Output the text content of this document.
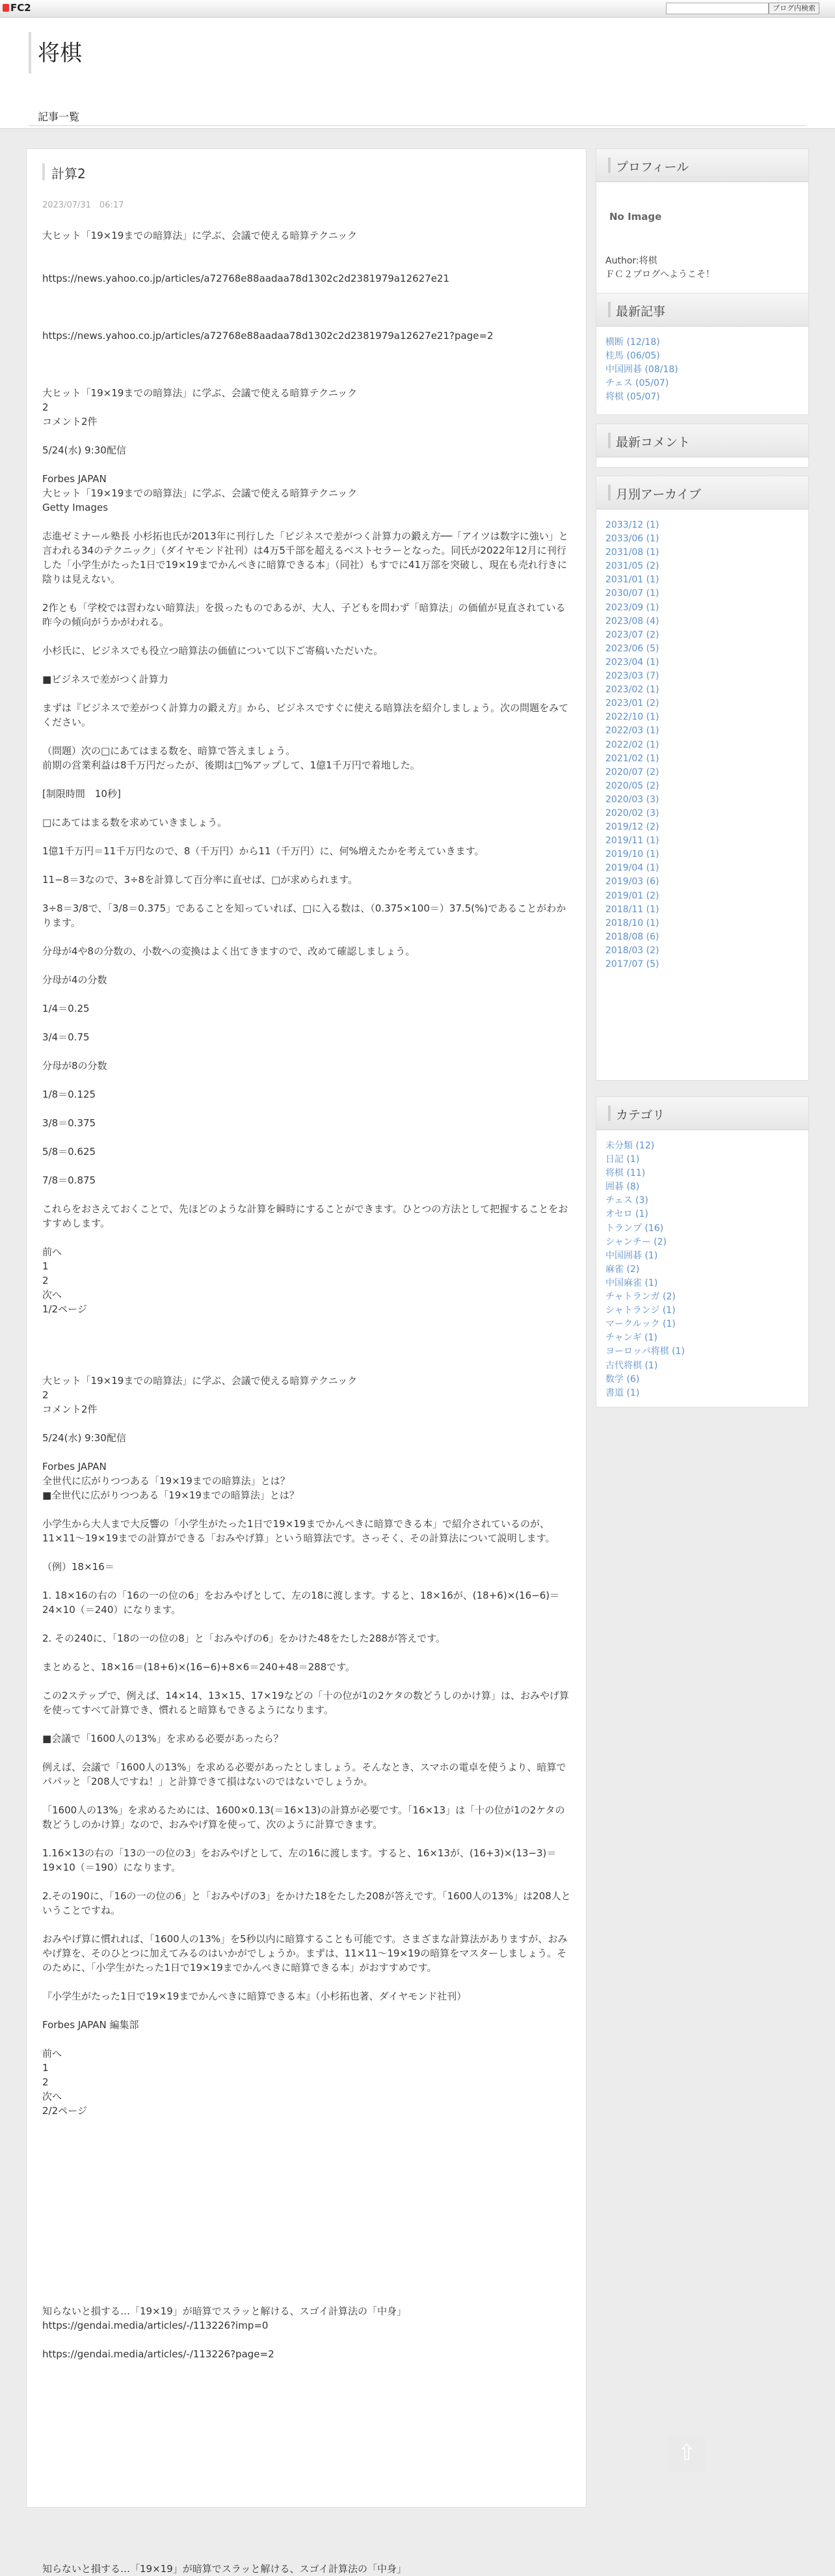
FC2	ブログ内検索
将棋
記事一覧
計算2
2023/07/31　06:17

大ヒット「19×19までの暗算法」に学ぶ、会議で使える暗算テクニック

https://news.yahoo.co.jp/articles/a72768e88aadaa78d1302c2d2381979a12627e21

https://news.yahoo.co.jp/articles/a72768e88aadaa78d1302c2d2381979a12627e21?page=2

大ヒット「19×19までの暗算法」に学ぶ、会議で使える暗算テクニック

2

コメント2件

5/24(水) 9:30配信

Forbes JAPAN

大ヒット「19×19までの暗算法」に学ぶ、会議で使える暗算テクニック

Getty Images

志進ゼミナール塾長 小杉拓也氏が2013年に刊行した「ビジネスで差がつく計算力の鍛え方──「アイツは数字に強い」と言われる34のテクニック」（ダイヤモンド社刊）は4万5千部を超えるベストセラーとなった。同氏が2022年12月に刊行した「小学生がたった1日で19×19までかんぺきに暗算できる本」（同社）もすでに41万部を突破し、現在も売れ行きに陰りは見えない。

2作とも「学校では習わない暗算法」を扱ったものであるが、大人、子どもを問わず「暗算法」の価値が見直されている昨今の傾向がうかがわれる。

小杉氏に、ビジネスでも役立つ暗算法の価値について以下ご寄稿いただいた。

■ビジネスで差がつく計算力

まずは『ビジネスで差がつく計算力の鍛え方』から、ビジネスですぐに使える暗算法を紹介しましょう。次の問題をみてください。

（問題）次の□にあてはまる数を、暗算で答えましょう。

前期の営業利益は8千万円だったが、後期は□%アップして、1億1千万円で着地した。

[制限時間　10秒]

□にあてはまる数を求めていきましょう。

1億1千万円＝11千万円なので、8（千万円）から11（千万円）に、何%増えたかを考えていきます。

11−8＝3なので、3÷8を計算して百分率に直せば、□が求められます。

3÷8＝3/8で、「3/8＝0.375」であることを知っていれば、□に入る数は、（0.375×100＝）37.5(%)であることがわかります。

分母が4や8の分数の、小数への変換はよく出てきますので、改めて確認しましょう。

分母が4の分数

1/4＝0.25

3/4＝0.75

分母が8の分数

1/8＝0.125

3/8＝0.375

5/8＝0.625

7/8＝0.875

これらをおさえておくことで、先ほどのような計算を瞬時にすることができます。ひとつの方法として把握することをおすすめします。

前へ

1

2

次へ

1/2ページ

大ヒット「19×19までの暗算法」に学ぶ、会議で使える暗算テクニック

2

コメント2件

5/24(水) 9:30配信

Forbes JAPAN

全世代に広がりつつある「19×19までの暗算法」とは？

■全世代に広がりつつある「19×19までの暗算法」とは？

小学生から大人まで大反響の「小学生がたった1日で19×19までかんぺきに暗算できる本」で紹介されているのが、11×11〜19×19までの計算ができる「おみやげ算」という暗算法です。さっそく、その計算法について説明します。

（例）18×16＝

1. 18×16の右の「16の一の位の6」をおみやげとして、左の18に渡します。すると、18×16が、(18+6)×(16−6)＝24×10（＝240）になります。

2. その240に、「18の一の位の8」と「おみやげの6」をかけた48をたした288が答えです。

まとめると、18×16＝(18+6)×(16−6)+8×6＝240+48＝288です。

この2ステップで、例えば、14×14、13×15、17×19などの「十の位が1の2ケタの数どうしのかけ算」は、おみやげ算を使ってすべて計算でき、慣れると暗算もできるようになります。

■会議で「1600人の13%」を求める必要があったら？

例えば、会議で「1600人の13%」を求める必要があったとしましょう。そんなとき、スマホの電卓を使うより、暗算でパパッと「208人ですね！」と計算できて損はないのではないでしょうか。

「1600人の13%」を求めるためには、1600×0.13(＝16×13)の計算が必要です。「16×13」は「十の位が1の2ケタの数どうしのかけ算」なので、おみやげ算を使って、次のように計算できます。

1.16×13の右の「13の一の位の3」をおみやげとして、左の16に渡します。すると、16×13が、(16+3)×(13−3)＝19×10（＝190）になります。

2.その190に、「16の一の位の6」と「おみやげの3」をかけた18をたした208が答えです。「1600人の13%」は208人ということですね。

おみやげ算に慣れれば、「1600人の13%」を5秒以内に暗算することも可能です。さまざまな計算法がありますが、おみやげ算を、そのひとつに加えてみるのはいかがでしょうか。まずは、11×11〜19×19の暗算をマスターしましょう。そのために、「小学生がたった1日で19×19までかんぺきに暗算できる本」がおすすめです。

『小学生がたった1日で19×19までかんぺきに暗算できる本』（小杉拓也著、ダイヤモンド社刊）

Forbes JAPAN 編集部

前へ

1

2

次へ

2/2ページ

知らないと損する…「19×19」が暗算でスラッと解ける、スゴイ計算法の「中身」

https://gendai.media/articles/-/113226?imp=0

https://gendai.media/articles/-/113226?page=2

知らないと損する…「19×19」が暗算でスラッと解ける、スゴイ計算法の「中身」

プロフィール
No Image
Author:将棋
ＦＣ２ブログへようこそ！
最新記事
横断 (12/18)
桂馬 (06/05)
中国囲碁 (08/18)
チェス (05/07)
将棋 (05/07)
最新コメント
月別アーカイブ
2033/12 (1)
2033/06 (1)
2031/08 (1)
2031/05 (2)
2031/01 (1)
2030/07 (1)
2023/09 (1)
2023/08 (4)
2023/07 (2)
2023/06 (5)
2023/04 (1)
2023/03 (7)
2023/02 (1)
2023/01 (2)
2022/10 (1)
2022/03 (1)
2022/02 (1)
2021/02 (1)
2020/07 (2)
2020/05 (2)
2020/03 (3)
2020/02 (3)
2019/12 (2)
2019/11 (1)
2019/10 (1)
2019/04 (1)
2019/03 (6)
2019/01 (2)
2018/11 (1)
2018/10 (1)
2018/08 (6)
2018/03 (2)
2017/07 (5)
カテゴリ
未分類 (12)
日記 (1)
将棋 (11)
囲碁 (8)
チェス (3)
オセロ (1)
トランプ (16)
シャンチー (2)
中国囲碁 (1)
麻雀 (2)
中国麻雀 (1)
チャトランガ (2)
シャトランジ (1)
マークルック (1)
チャンギ (1)
ヨーロッパ将棋 (1)
古代将棋 (1)
数学 (6)
書道 (1)
⇧
